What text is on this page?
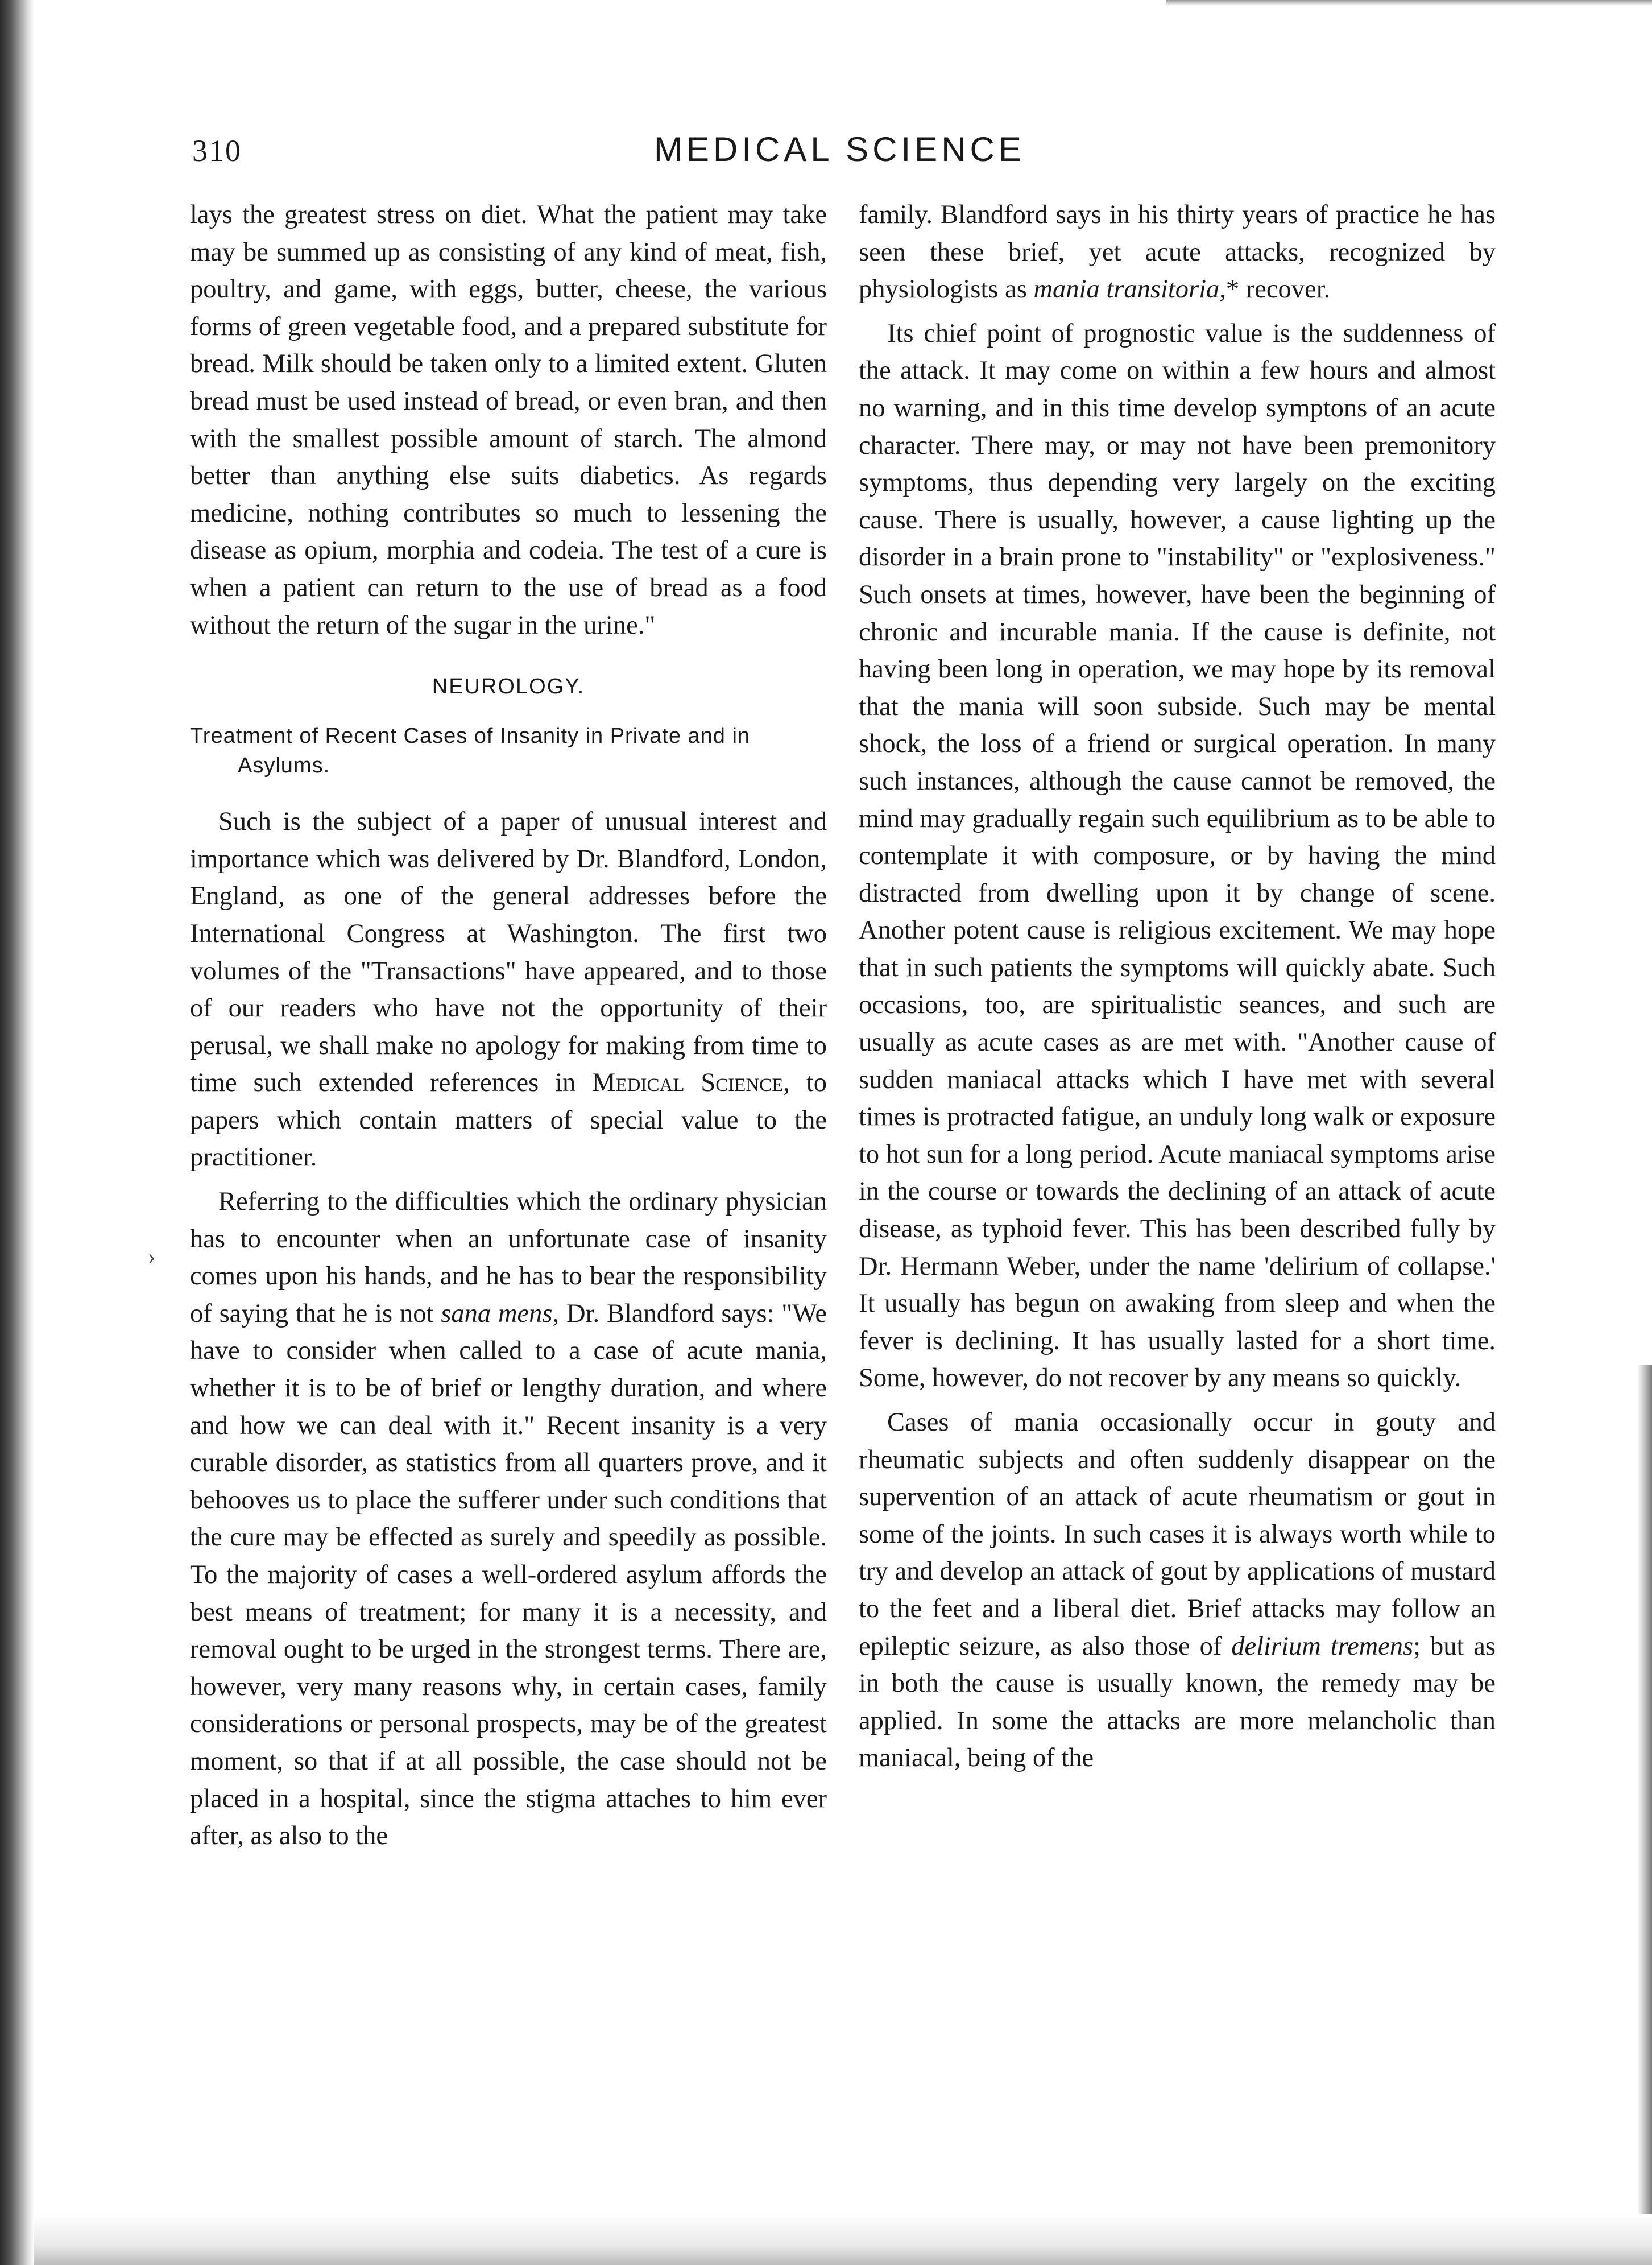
310	MEDICAL SCIENCE

lays the greatest stress on diet. What the patient may take may be summed up as consisting of any kind of meat, fish, poultry, and game, with eggs, butter, cheese, the various forms of green vegetable food, and a prepared substitute for bread. Milk should be taken only to a limited extent. Gluten bread must be used instead of bread, or even bran, and then with the smallest possible amount of starch. The almond better than anything else suits diabetics. As regards medicine, nothing contributes so much to lessening the disease as opium, morphia and codeia. The test of a cure is when a patient can return to the use of bread as a food without the return of the sugar in the urine."

NEUROLOGY.
Treatment of Recent Cases of Insanity in Private and in Asylums.

Such is the subject of a paper of unusual interest and importance which was delivered by Dr. Blandford, London, England, as one of the general addresses before the International Congress at Washington. The first two volumes of the "Transactions" have appeared, and to those of our readers who have not the opportunity of their perusal, we shall make no apology for making from time to time such extended references in Medical Science, to papers which contain matters of special value to the practitioner.

Referring to the difficulties which the ordinary physician has to encounter when an unfortunate case of insanity comes upon his hands, and he has to bear the responsibility of saying that he is not sana mens, Dr. Blandford says: "We have to consider when called to a case of acute mania, whether it is to be of brief or lengthy duration, and where and how we can deal with it." Recent insanity is a very curable disorder, as statistics from all quarters prove, and it behooves us to place the sufferer under such conditions that the cure may be effected as surely and speedily as possible. To the majority of cases a well-ordered asylum affords the best means of treatment; for many it is a necessity, and removal ought to be urged in the strongest terms. There are, however, very many reasons why, in certain cases, family considerations or personal prospects, may be of the greatest moment, so that if at all possible, the case should not be placed in a hospital, since the stigma attaches to him ever after, as also to the

family. Blandford says in his thirty years of practice he has seen these brief, yet acute attacks, recognized by physiologists as mania transitoria,* recover.

Its chief point of prognostic value is the suddenness of the attack. It may come on within a few hours and almost no warning, and in this time develop symptons of an acute character. There may, or may not have been premonitory symptoms, thus depending very largely on the exciting cause. There is usually, however, a cause lighting up the disorder in a brain prone to "instability" or "explosiveness." Such onsets at times, however, have been the beginning of chronic and incurable mania. If the cause is definite, not having been long in operation, we may hope by its removal that the mania will soon subside. Such may be mental shock, the loss of a friend or surgical operation. In many such instances, although the cause cannot be removed, the mind may gradually regain such equilibrium as to be able to contemplate it with composure, or by having the mind distracted from dwelling upon it by change of scene. Another potent cause is religious excitement. We may hope that in such patients the symptoms will quickly abate. Such occasions, too, are spiritualistic seances, and such are usually as acute cases as are met with. "Another cause of sudden maniacal attacks which I have met with several times is protracted fatigue, an unduly long walk or exposure to hot sun for a long period. Acute maniacal symptoms arise in the course or towards the declining of an attack of acute disease, as typhoid fever. This has been described fully by Dr. Hermann Weber, under the name 'delirium of collapse.' It usually has begun on awaking from sleep and when the fever is declining. It has usually lasted for a short time. Some, however, do not recover by any means so quickly.

Cases of mania occasionally occur in gouty and rheumatic subjects and often suddenly disappear on the supervention of an attack of acute rheumatism or gout in some of the joints. In such cases it is always worth while to try and develop an attack of gout by applications of mustard to the feet and a liberal diet. Brief attacks may follow an epileptic seizure, as also those of delirium tremens; but as in both the cause is usually known, the remedy may be applied. In some the attacks are more melancholic than maniacal, being of the

›
